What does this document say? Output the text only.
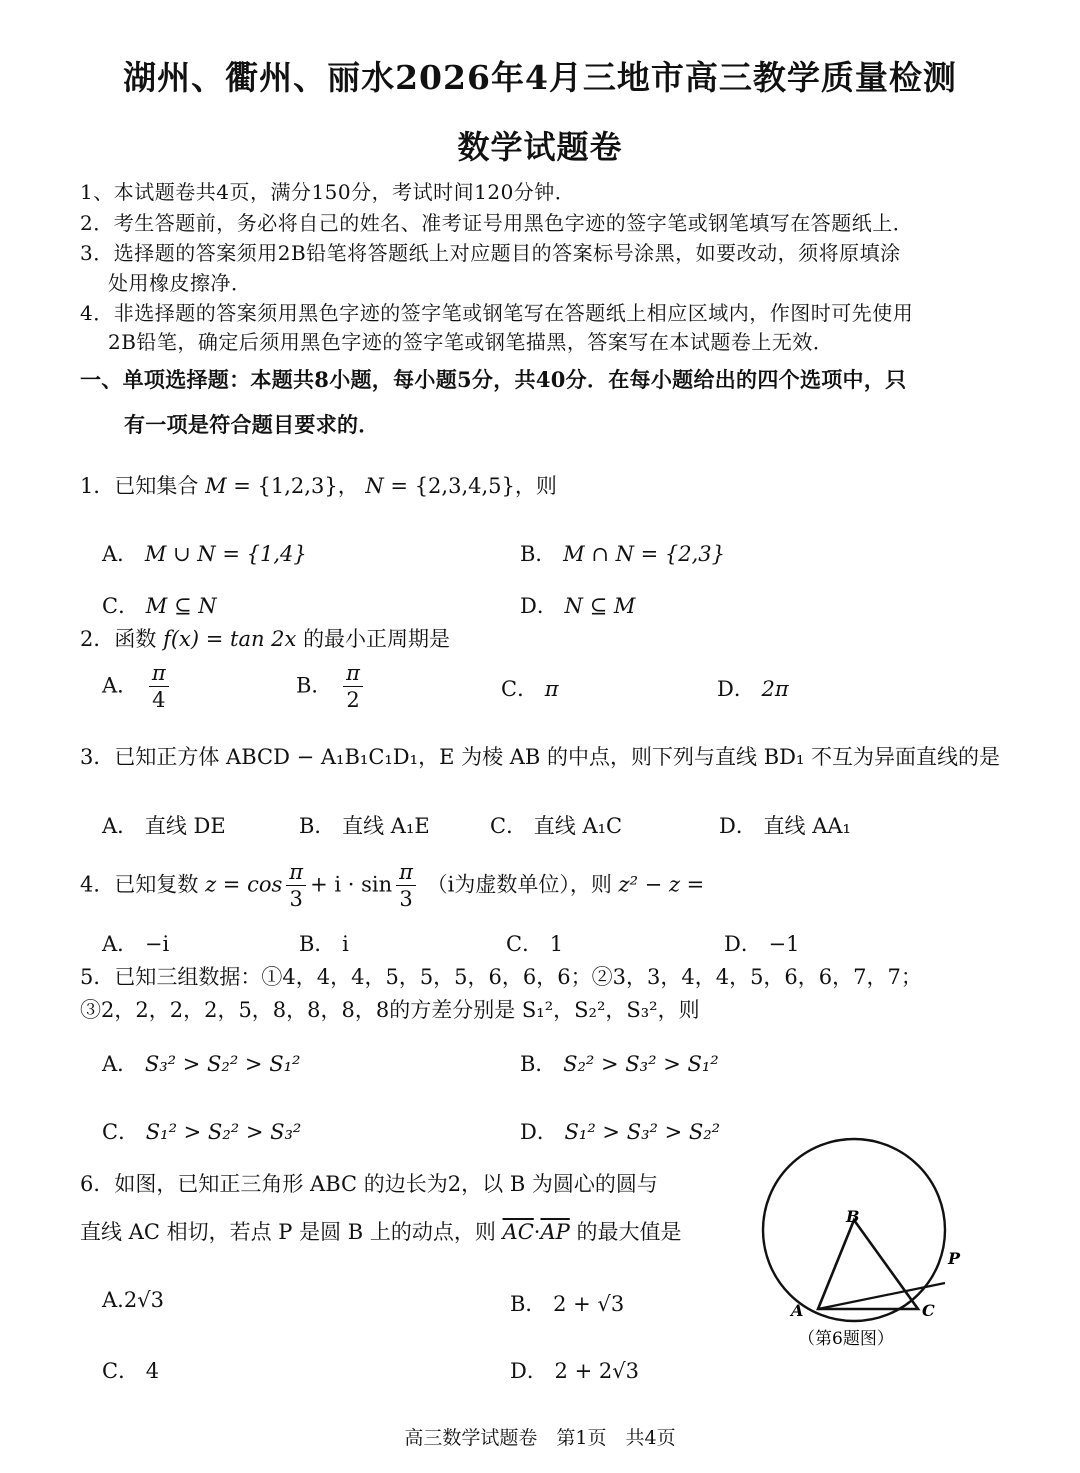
湖州、衢州、丽水2026年4月三地市高三教学质量检测
数学试题卷
1、本试题卷共4页，满分150分，考试时间120分钟．
2．考生答题前，务必将自己的姓名、准考证号用黑色字迹的签字笔或钢笔填写在答题纸上．
3．选择题的答案须用2B铅笔将答题纸上对应题目的答案标号涂黑，如要改动，须将原填涂
处用橡皮擦净．
4．非选择题的答案须用黑色字迹的签字笔或钢笔写在答题纸上相应区域内，作图时可先使用
2B铅笔，确定后须用黑色字迹的签字笔或钢笔描黑，答案写在本试题卷上无效．
一、单项选择题：本题共8小题，每小题5分，共40分．在每小题给出的四个选项中，只
有一项是符合题目要求的．
1．已知集合 M = {1,2,3}， N = {2,3,4,5}，则
A． M ∪ N = {1,4}	B． M ∩ N = {2,3}
C． M ⊆ N	D． N ⊆ M
2．函数 f(x) = tan 2x 的最小正周期是
A． $\frac{\pi}{4}$	B． $\frac{\pi}{2}$	C． π	D． 2π
3．已知正方体 ABCD − A₁B₁C₁D₁，E 为棱 AB 的中点，则下列与直线 BD₁ 不互为异面直线的是
A． 直线 DE	B． 直线 A₁E	C． 直线 A₁C	D． 直线 AA₁
4．已知复数 $z = \cos \frac{\pi}{3} + i \cdot \sin \frac{\pi}{3} (i$为虚数单位），则 z² − z =
A． −i	B． i	C． 1	D． −1
5．已知三组数据：①4，4，4，5，5，5，6，6，6；②3，3，4，4，5，6，6，7，7；
③2，2，2，2，5，8，8，8，8的方差分别是 S₁²，S₂²，S₃²，则
A． S₃² > S₂² > S₁²	B． S₂² > S₃² > S₁²
C． S₁² > S₂² > S₃²	D． S₁² > S₃² > S₂²
6．如图，已知正三角形 ABC 的边长为2，以 B 为圆心的圆与
直线 AC 相切，若点 P 是圆 B 上的动点，则 $\overline{AC}\cdot\overline{AP}$ 的最大值是
A.2√3	B． 2 + √3
C． 4	D． 2 + 2√3
B
P
A	C
（第6题图）
高三数学试题卷　第1页　共4页
